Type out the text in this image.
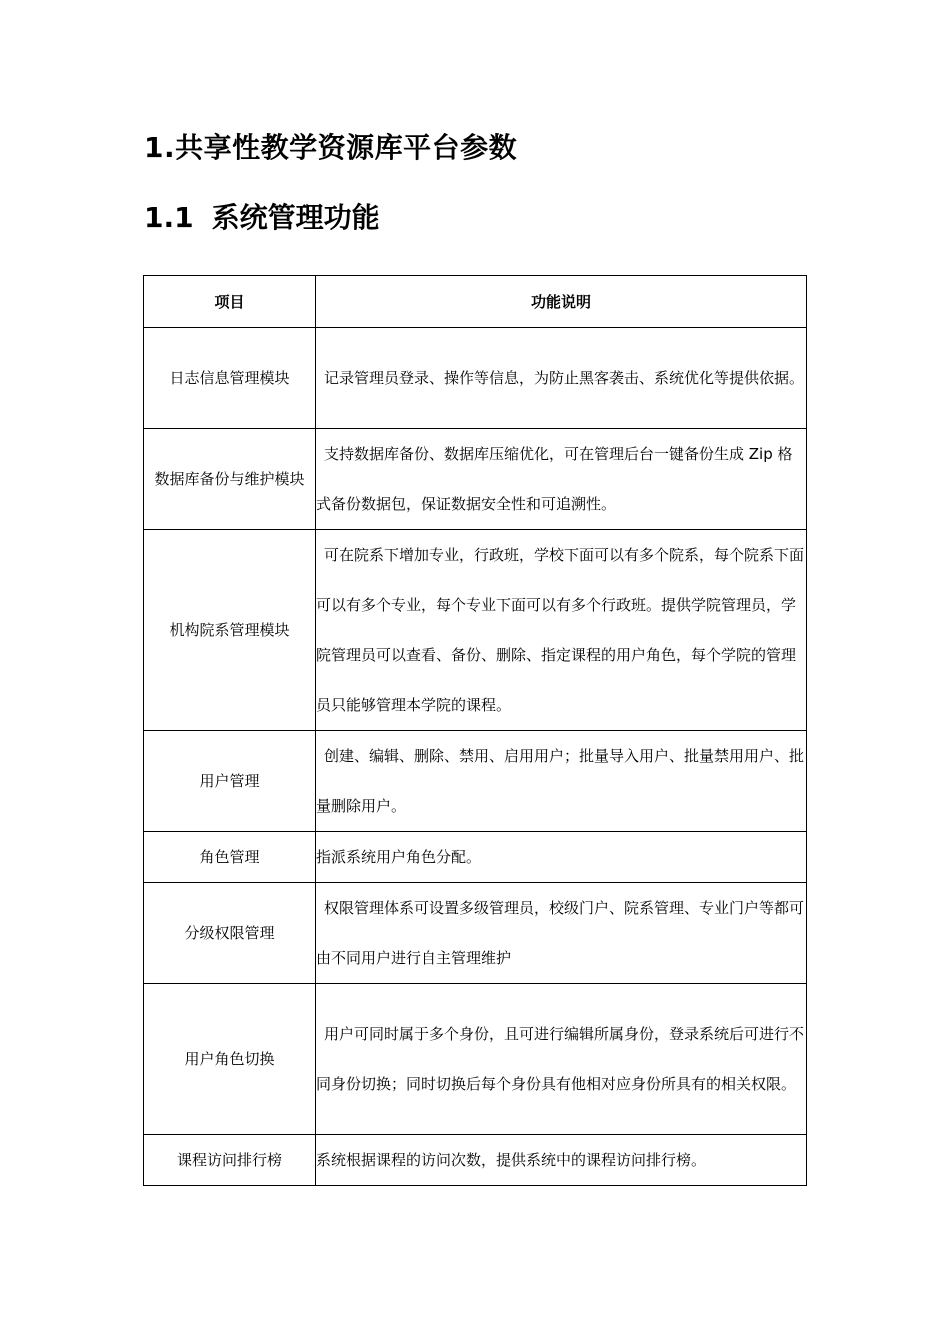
1.共享性教学资源库平台参数
1.1 系统管理功能
项目	功能说明
日志信息管理模块	记录管理员登录、操作等信息，为防止黑客袭击、系统优化等提供依据。
数据库备份与维护模块	支持数据库备份、数据库压缩优化，可在管理后台一键备份生成 Zip 格式备份数据包，保证数据安全性和可追溯性。
机构院系管理模块	可在院系下增加专业，行政班，学校下面可以有多个院系，每个院系下面可以有多个专业，每个专业下面可以有多个行政班。提供学院管理员，学院管理员可以查看、备份、删除、指定课程的用户角色，每个学院的管理员只能够管理本学院的课程。
用户管理	创建、编辑、删除、禁用、启用用户；批量导入用户、批量禁用用户、批量删除用户。
角色管理	指派系统用户角色分配。
分级权限管理	权限管理体系可设置多级管理员，校级门户、院系管理、专业门户等都可由不同用户进行自主管理维护
用户角色切换	用户可同时属于多个身份，且可进行编辑所属身份，登录系统后可进行不同身份切换；同时切换后每个身份具有他相对应身份所具有的相关权限。
课程访问排行榜	系统根据课程的访问次数，提供系统中的课程访问排行榜。
